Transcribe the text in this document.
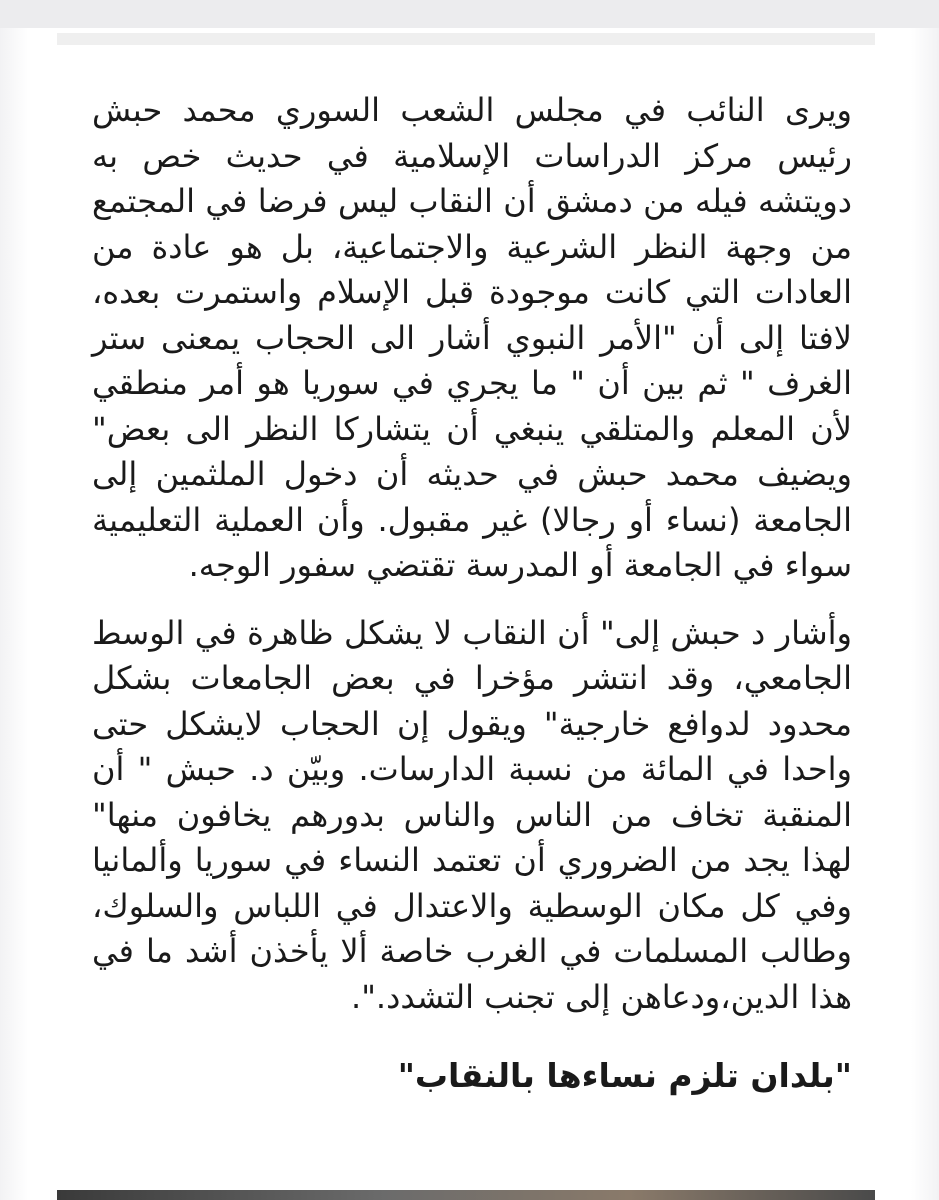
ويرى النائب في مجلس الشعب السوري محمد حبش رئيس مركز الدراسات الإسلامية في حديث خص به دويتشه فيله من دمشق أن النقاب ليس فرضا في المجتمع من وجهة النظر الشرعية والاجتماعية، بل هو عادة من العادات التي كانت موجودة قبل الإسلام واستمرت بعده، لافتا إلى أن "الأمر النبوي أشار الى الحجاب يمعنى ستر الغرف " ثم بين أن " ما يجري في سوريا هو أمر منطقي لأن المعلم والمتلقي ينبغي أن يتشاركا النظر الى بعض" ويضيف محمد حبش في حديثه أن دخول الملثمين إلى الجامعة (نساء أو رجالا) غير مقبول. وأن العملية التعليمية سواء في الجامعة أو المدرسة تقتضي سفور الوجه.

وأشار د حبش إلى" أن النقاب لا يشكل ظاهرة في الوسط الجامعي، وقد انتشر مؤخرا في بعض الجامعات بشكل محدود لدوافع خارجية" ويقول إن الحجاب لايشكل حتى واحدا في المائة من نسبة الدارسات. وبيّن د. حبش " أن المنقبة تخاف من الناس والناس بدورهم يخافون منها" لهذا يجد من الضروري أن تعتمد النساء في سوريا وألمانيا وفي كل مكان الوسطية والاعتدال في اللباس والسلوك، وطالب المسلمات في الغرب خاصة ألا يأخذن أشد ما في هذا الدين،ودعاهن إلى تجنب التشدد.".

"بلدان تلزم نساءها بالنقاب"
